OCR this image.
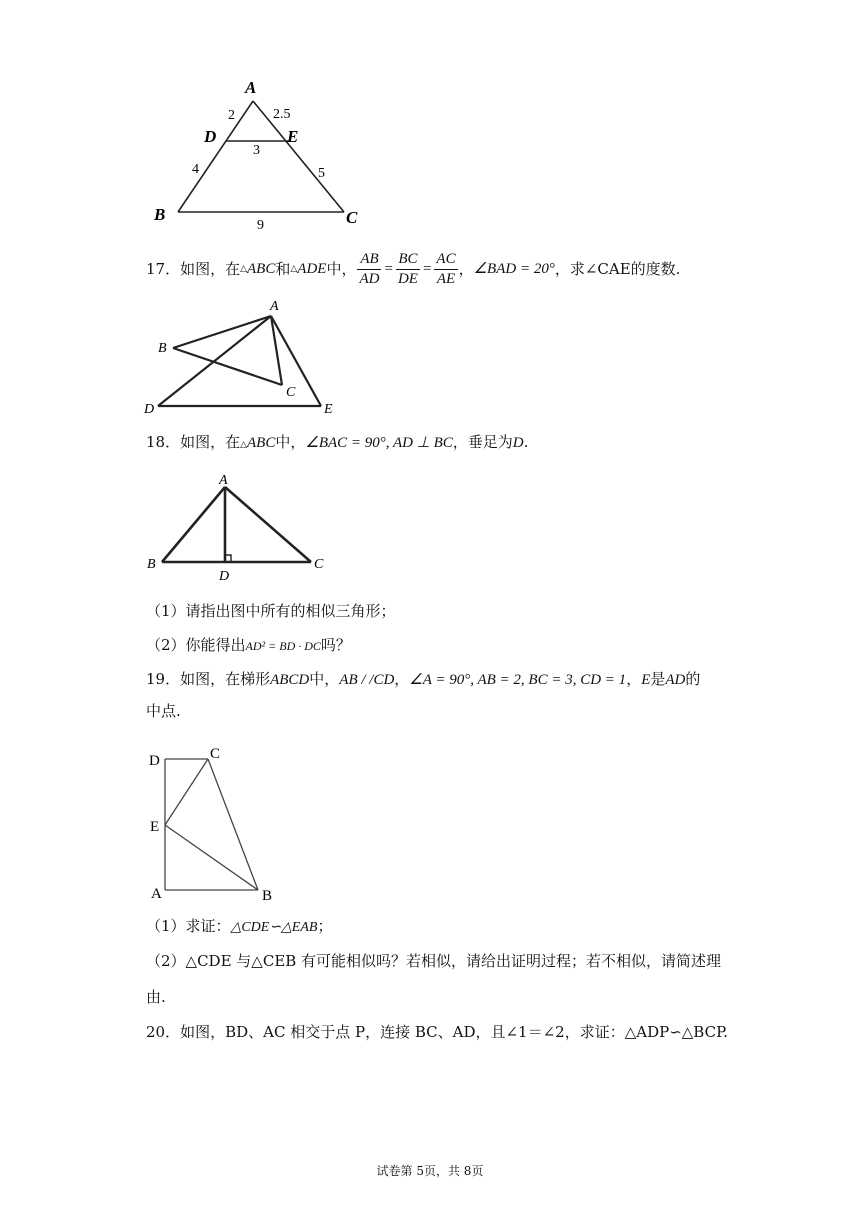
A
D	E
B	C
2	2.5
3
4	5
9
17．如图，在 △ ABC 和 △ ADE 中， $\frac{AB}{AD} = \frac{BC}{DE} = \frac{AC}{AE}$ ， ∠BAD = 20° ，求∠CAE的度数.
A
B
C
D	E
18．如图，在△ABC中，∠BAC = 90°, AD ⊥ BC，垂足为D.
A
B	C
D
（1）请指出图中所有的相似三角形；
（2）你能得出AD² = BD · DC吗？
19．如图，在梯形ABCD中，AB / /CD，∠A = 90°, AB = 2, BC = 3, CD = 1，E是AD的
中点.
D	C
E
A	B
（1）求证：△CDE∽△EAB；
（2）△CDE 与△CEB 有可能相似吗？若相似，请给出证明过程；若不相似，请简述理
由.
20．如图，BD、AC 相交于点 P，连接 BC、AD，且∠1＝∠2，求证：△ADP∽△BCP.
试卷第 5页，共 8页
